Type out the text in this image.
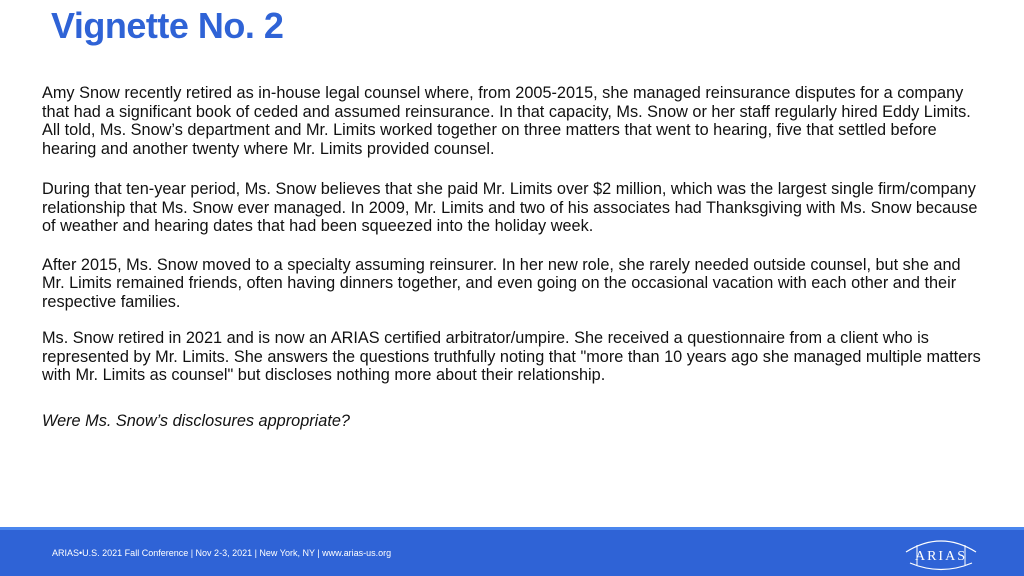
Vignette No. 2

Amy Snow recently retired as in-house legal counsel where, from 2005-2015, she managed reinsurance disputes for a company that had a significant book of ceded and assumed reinsurance. In that capacity, Ms. Snow or her staff regularly hired Eddy Limits. All told, Ms. Snow’s department and Mr. Limits worked together on three matters that went to hearing, five that settled before hearing and another twenty where Mr. Limits provided counsel.

During that ten-year period, Ms. Snow believes that she paid Mr. Limits over $2 million, which was the largest single firm/company relationship that Ms. Snow ever managed. In 2009, Mr. Limits and two of his associates had Thanksgiving with Ms. Snow because of weather and hearing dates that had been squeezed into the holiday week.

After 2015, Ms. Snow moved to a specialty assuming reinsurer. In her new role, she rarely needed outside counsel, but she and Mr. Limits remained friends, often having dinners together, and even going on the occasional vacation with each other and their respective families.

Ms. Snow retired in 2021 and is now an ARIAS certified arbitrator/umpire. She received a questionnaire from a client who is represented by Mr. Limits. She answers the questions truthfully noting that "more than 10 years ago she managed multiple matters with Mr. Limits as counsel" but discloses nothing more about their relationship.

Were Ms. Snow’s disclosures appropriate?

ARIAS•U.S. 2021 Fall Conference | Nov 2-3, 2021 | New York, NY | www.arias-us.org	ARIAS
